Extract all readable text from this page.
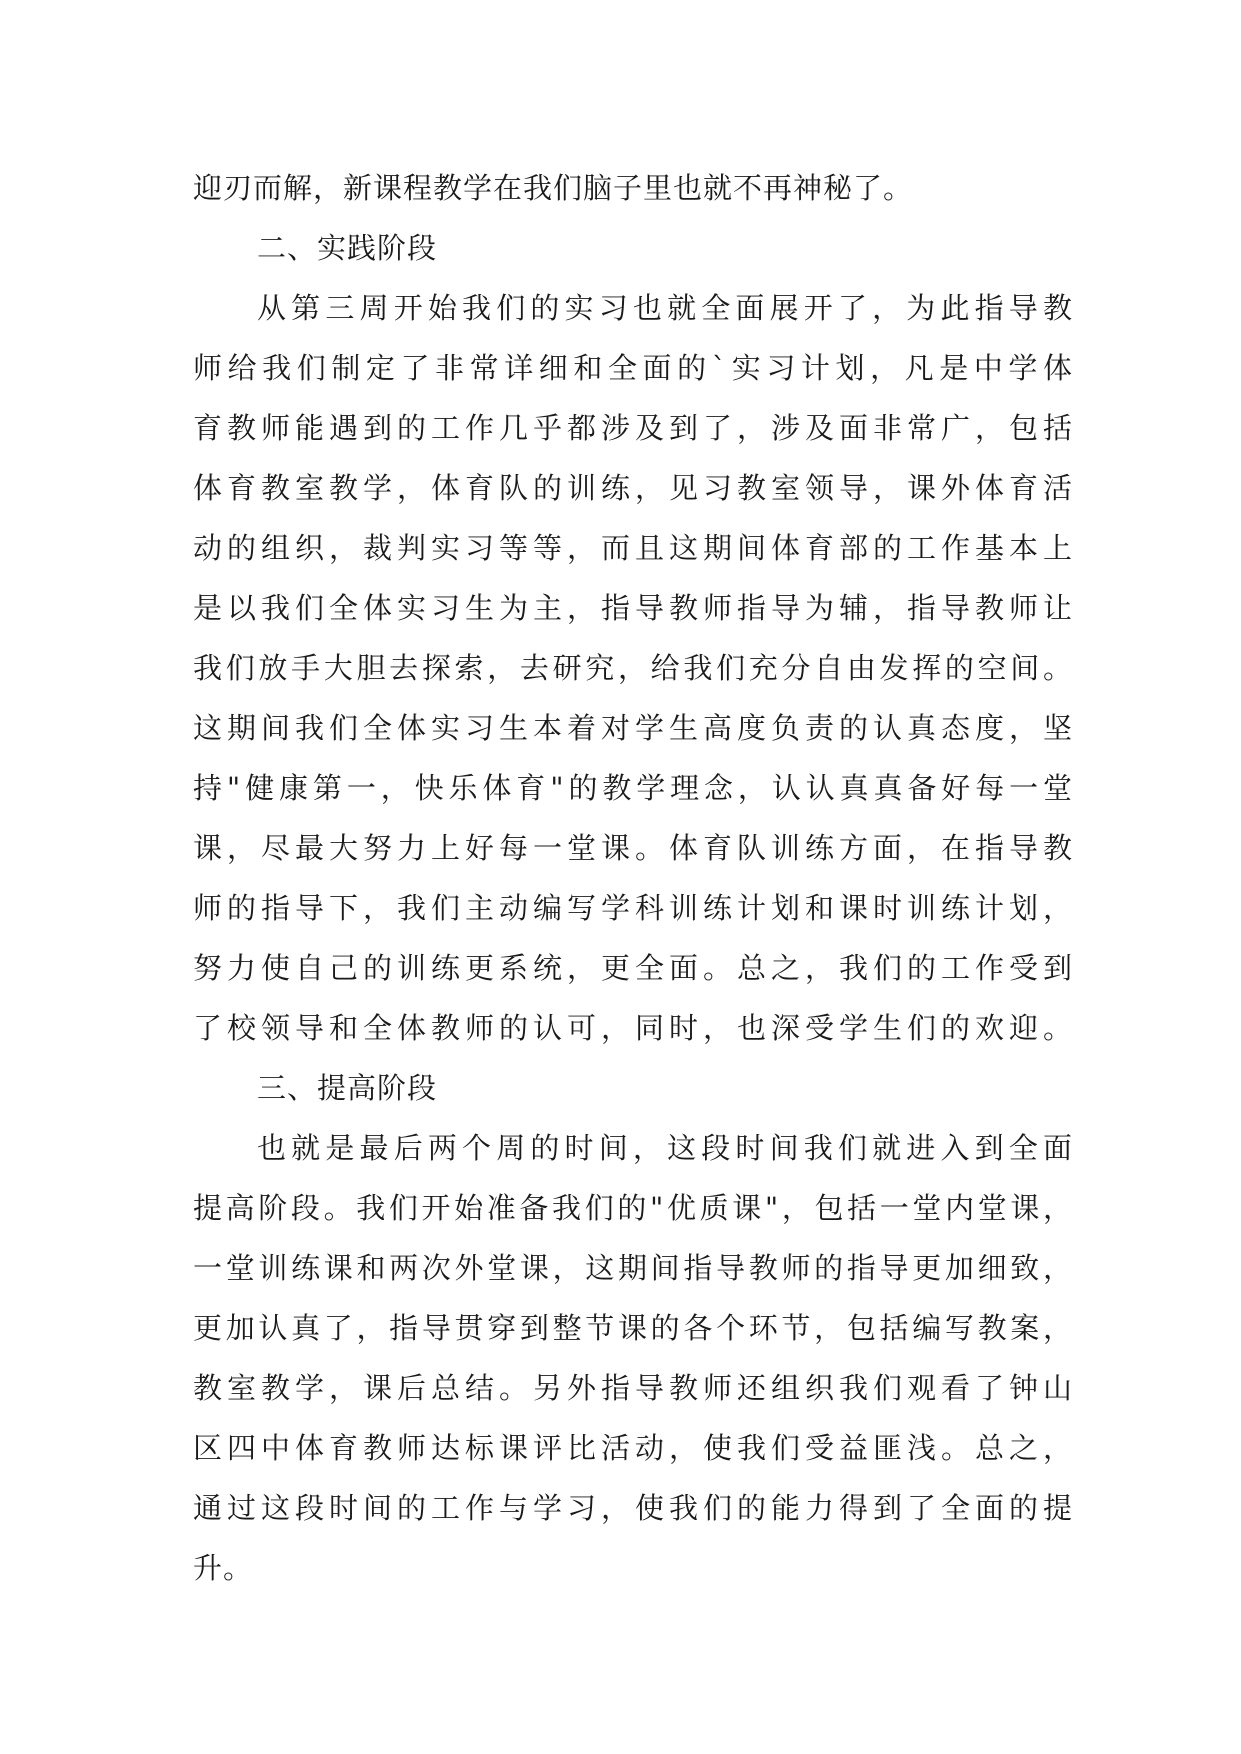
迎刃而解，新课程教学在我们脑子里也就不再神秘了。
二、实践阶段
从第三周开始我们的实习也就全面展开了，为此指导教
师给我们制定了非常详细和全面的`实习计划，凡是中学体
育教师能遇到的工作几乎都涉及到了，涉及面非常广，包括
体育教室教学，体育队的训练，见习教室领导，课外体育活
动的组织，裁判实习等等，而且这期间体育部的工作基本上
是以我们全体实习生为主，指导教师指导为辅，指导教师让
我们放手大胆去探索，去研究，给我们充分自由发挥的空间。
这期间我们全体实习生本着对学生高度负责的认真态度，坚
持"健康第一，快乐体育"的教学理念，认认真真备好每一堂
课，尽最大努力上好每一堂课。体育队训练方面，在指导教
师的指导下，我们主动编写学科训练计划和课时训练计划，
努力使自己的训练更系统，更全面。总之，我们的工作受到
了校领导和全体教师的认可，同时，也深受学生们的欢迎。
三、提高阶段
也就是最后两个周的时间，这段时间我们就进入到全面
提高阶段。我们开始准备我们的"优质课"，包括一堂内堂课，
一堂训练课和两次外堂课，这期间指导教师的指导更加细致，
更加认真了，指导贯穿到整节课的各个环节，包括编写教案，
教室教学，课后总结。另外指导教师还组织我们观看了钟山
区四中体育教师达标课评比活动，使我们受益匪浅。总之，
通过这段时间的工作与学习，使我们的能力得到了全面的提
升。
